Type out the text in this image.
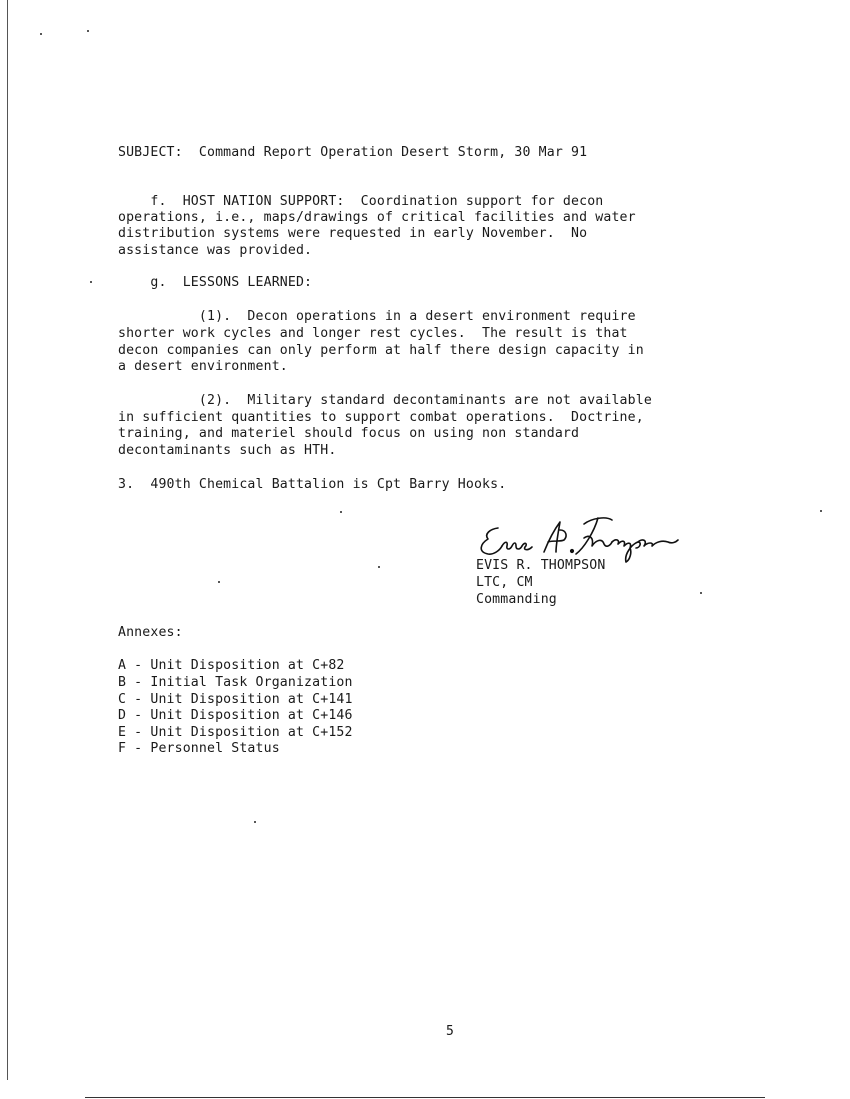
SUBJECT:  Command Report Operation Desert Storm, 30 Mar 91
f.  HOST NATION SUPPORT:  Coordination support for decon
operations, i.e., maps/drawings of critical facilities and water
distribution systems were requested in early November.  No
assistance was provided.
g.  LESSONS LEARNED:
(1).  Decon operations in a desert environment require
shorter work cycles and longer rest cycles.  The result is that
decon companies can only perform at half there design capacity in
a desert environment.
(2).  Military standard decontaminants are not available
in sufficient quantities to support combat operations.  Doctrine,
training, and materiel should focus on using non standard
decontaminants such as HTH.
3.  490th Chemical Battalion is Cpt Barry Hooks.
EVIS R. THOMPSON
LTC, CM
Commanding
Annexes:
A - Unit Disposition at C+82
B - Initial Task Organization
C - Unit Disposition at C+141
D - Unit Disposition at C+146
E - Unit Disposition at C+152
F - Personnel Status
5
